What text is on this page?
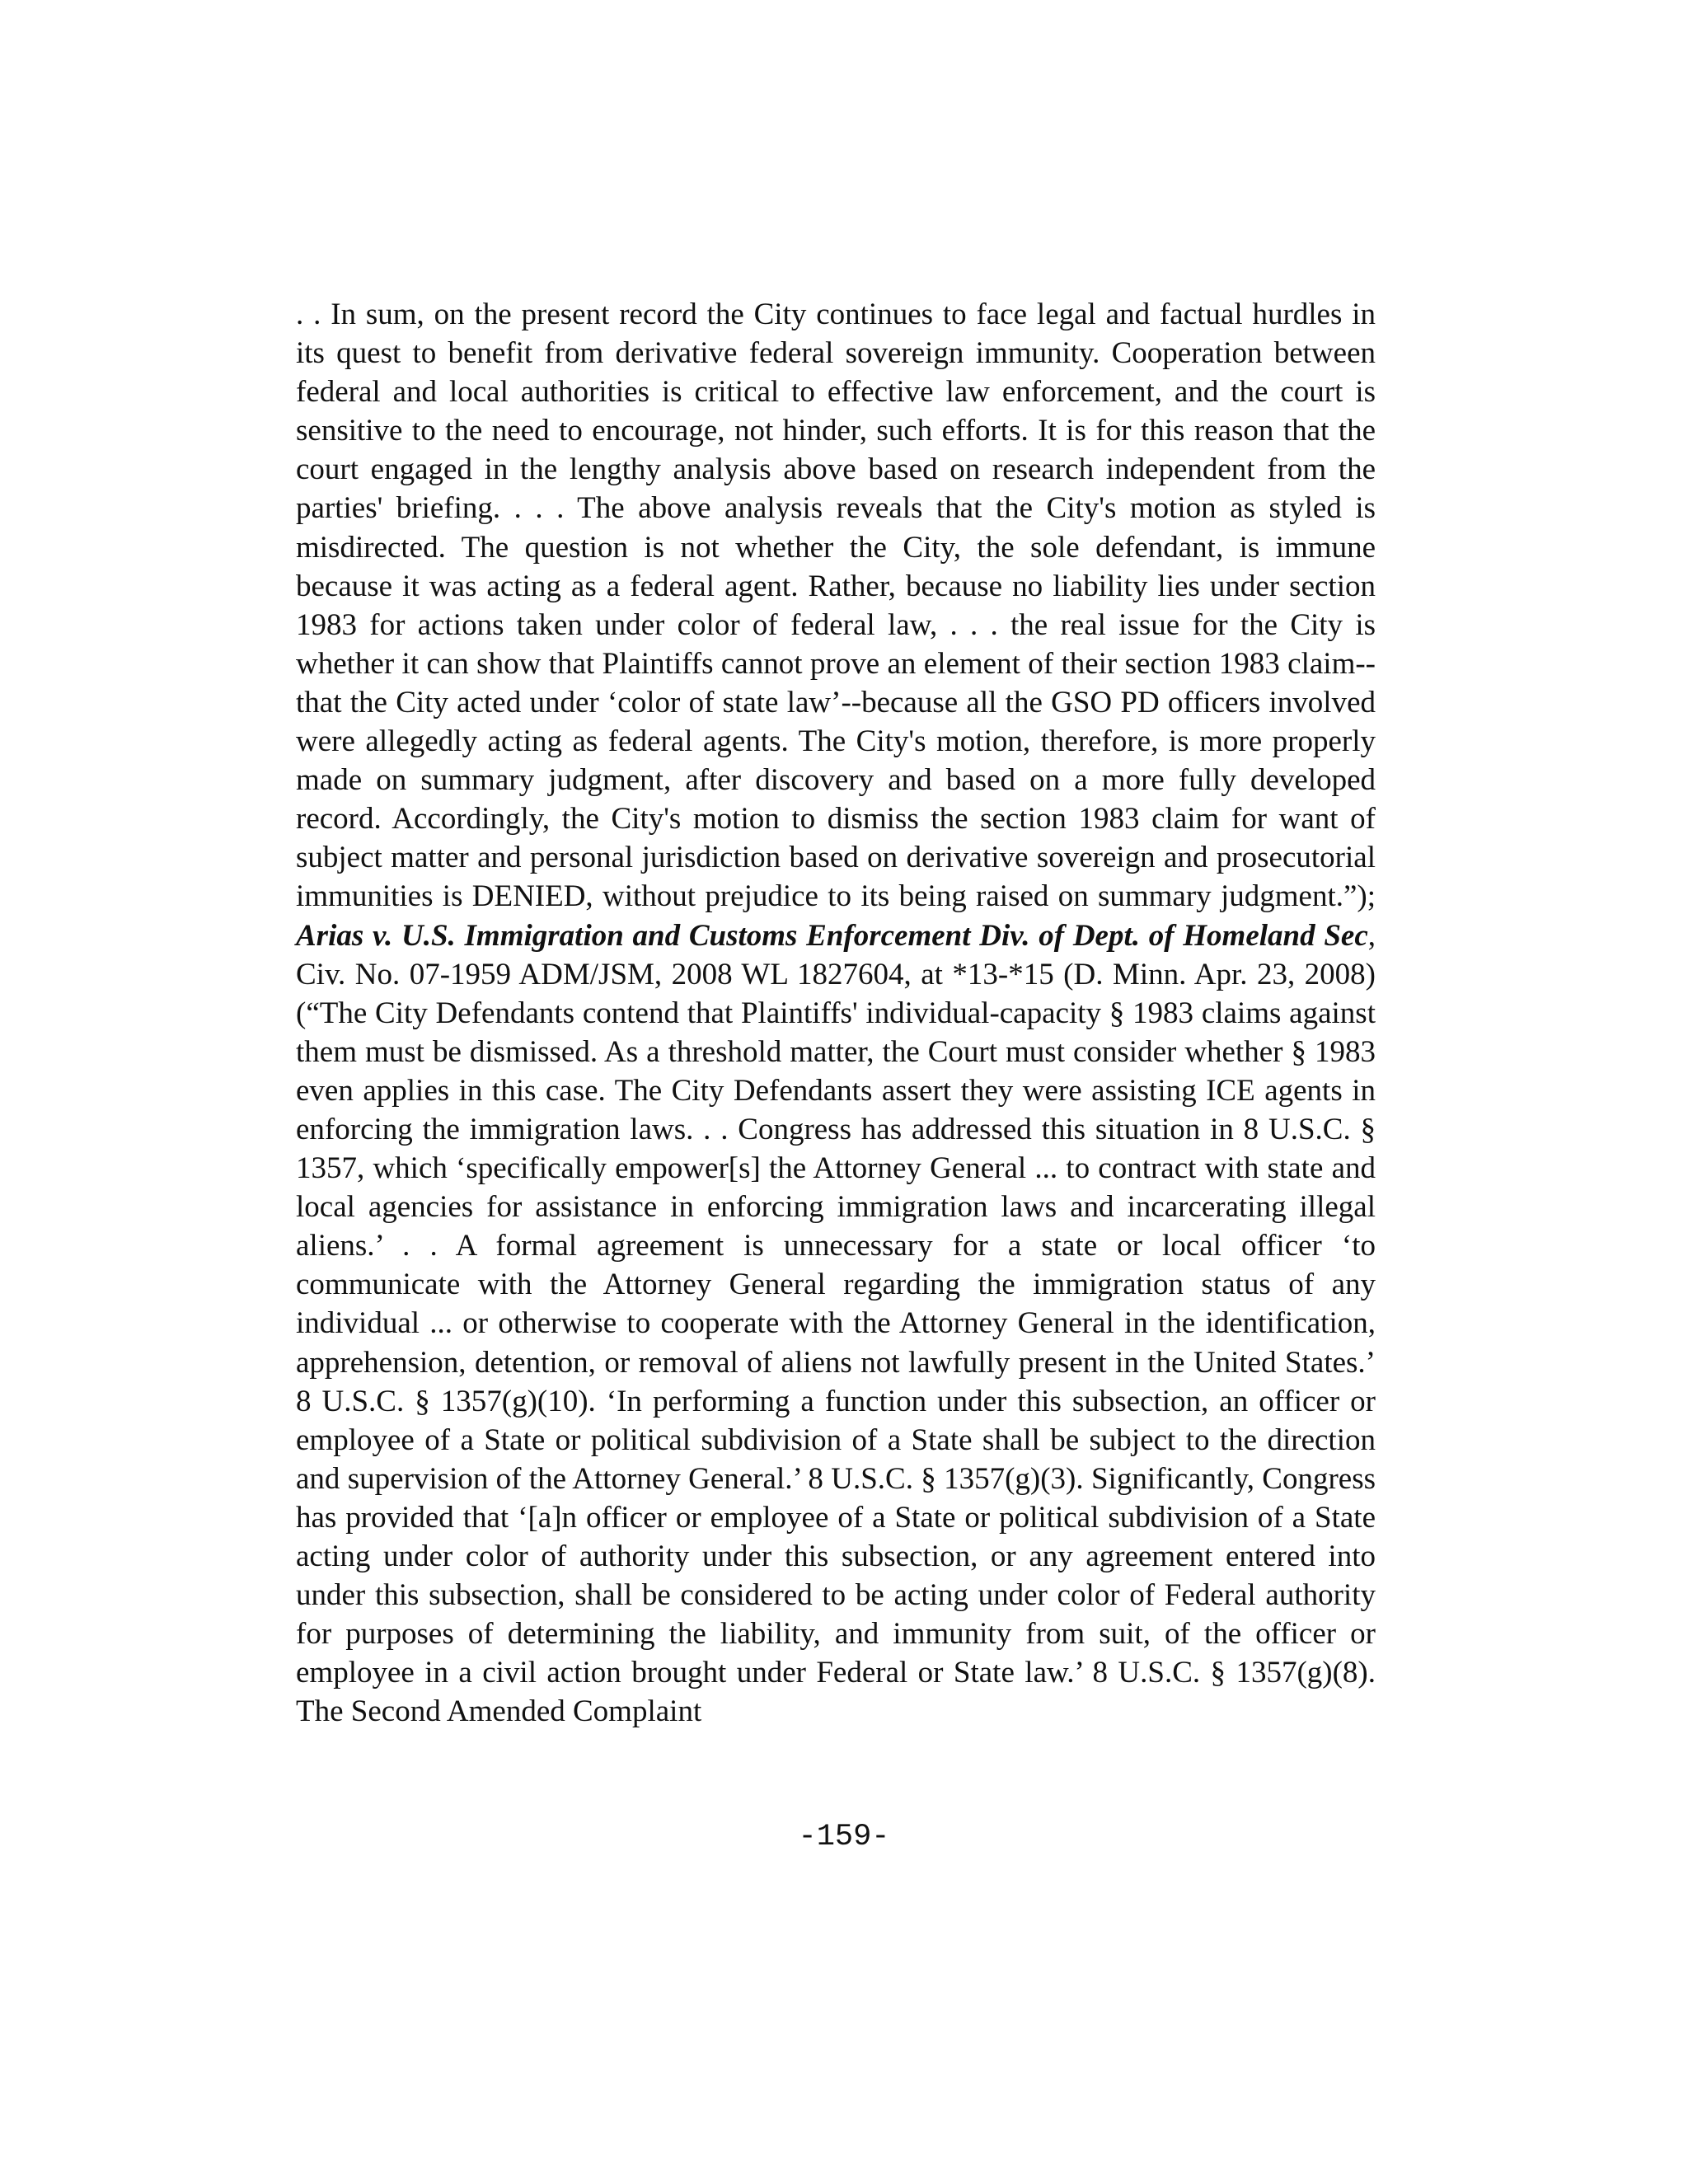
. . In sum, on the present record the City continues to face legal and factual hurdles in its quest to benefit from derivative federal sovereign immunity. Cooperation between federal and local authorities is critical to effective law enforcement, and the court is sensitive to the need to encourage, not hinder, such efforts. It is for this reason that the court engaged in the lengthy analysis above based on research independent from the parties' briefing. . . . The above analysis reveals that the City's motion as styled is misdirected. The question is not whether the City, the sole defendant, is immune because it was acting as a federal agent. Rather, because no liability lies under section 1983 for actions taken under color of federal law, . . . the real issue for the City is whether it can show that Plaintiffs cannot prove an element of their section 1983 claim--that the City acted under ‘color of state law’--because all the GSO PD officers involved were allegedly acting as federal agents. The City's motion, therefore, is more properly made on summary judgment, after discovery and based on a more fully developed record. Accordingly, the City's motion to dismiss the section 1983 claim for want of subject matter and personal jurisdiction based on derivative sovereign and prosecutorial immunities is DENIED, without prejudice to its being raised on summary judgment.”); Arias v. U.S. Immigration and Customs Enforcement Div. of Dept. of Homeland Sec, Civ. No. 07-1959 ADM/JSM, 2008 WL 1827604, at *13-*15 (D. Minn. Apr. 23, 2008) (“The City Defendants contend that Plaintiffs' individual-capacity § 1983 claims against them must be dismissed. As a threshold matter, the Court must consider whether § 1983 even applies in this case. The City Defendants assert they were assisting ICE agents in enforcing the immigration laws. . . Congress has addressed this situation in 8 U.S.C. § 1357, which ‘specifically empower[s] the Attorney General ... to contract with state and local agencies for assistance in enforcing immigration laws and incarcerating illegal aliens.’ . . A formal agreement is unnecessary for a state or local officer ‘to communicate with the Attorney General regarding the immigration status of any individual ... or otherwise to cooperate with the Attorney General in the identification, apprehension, detention, or removal of aliens not lawfully present in the United States.’ 8 U.S.C. § 1357(g)(10). ‘In performing a function under this subsection, an officer or employee of a State or political subdivision of a State shall be subject to the direction and supervision of the Attorney General.’ 8 U.S.C. § 1357(g)(3). Significantly, Congress has provided that ‘[a]n officer or employee of a State or political subdivision of a State acting under color of authority under this subsection, or any agreement entered into under this subsection, shall be considered to be acting under color of Federal authority for purposes of determining the liability, and immunity from suit, of the officer or employee in a civil action brought under Federal or State law.’ 8 U.S.C. § 1357(g)(8). The Second Amended Complaint

-159-
